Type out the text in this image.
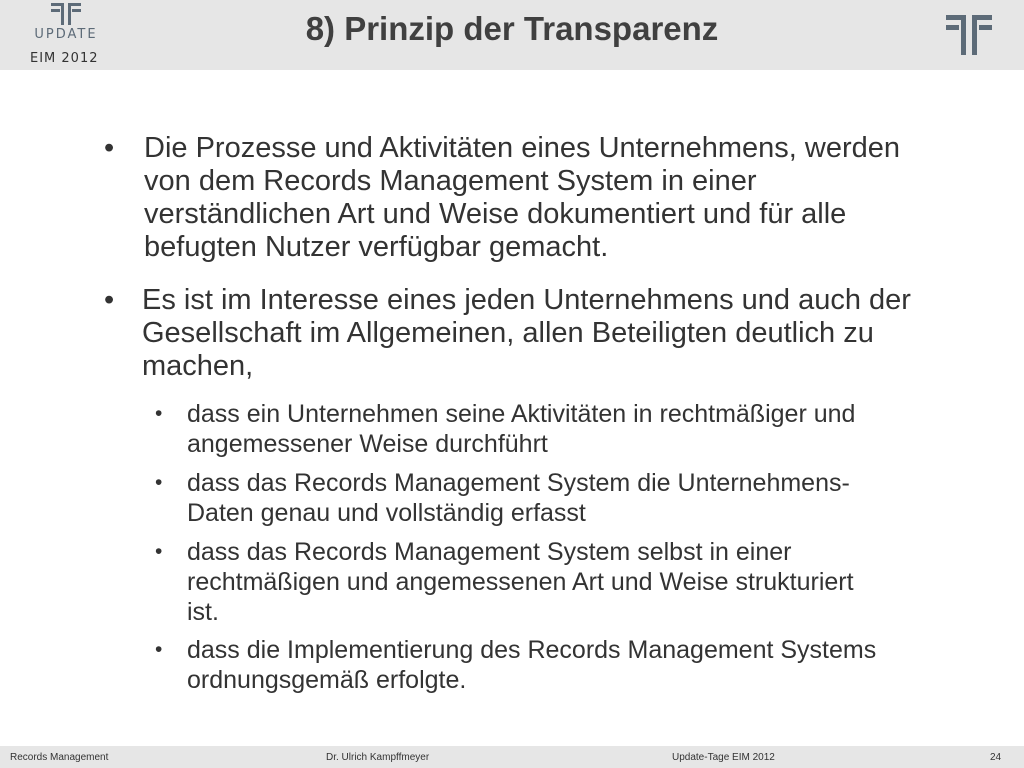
UPDATE
EIM 2012
8) Prinzip der Transparenz
• Die Prozesse und Aktivitäten eines Unternehmens, werden von dem Records Management System in einer verständlichen Art und Weise dokumentiert und für alle befugten Nutzer verfügbar gemacht.
• Es ist im Interesse eines jeden Unternehmens und auch der Gesellschaft im Allgemeinen, allen Beteiligten deutlich zu machen,
• dass ein Unternehmen seine Aktivitäten in rechtmäßiger und angemessener Weise durchführt
• dass das Records Management System die Unternehmens-Daten genau und vollständig erfasst
• dass das Records Management System selbst in einer rechtmäßigen und angemessenen Art und Weise strukturiert ist.
• dass die Implementierung des Records Management Systems ordnungsgemäß erfolgte.
Records Management	Dr. Ulrich Kampffmeyer	Update-Tage EIM 2012	24
